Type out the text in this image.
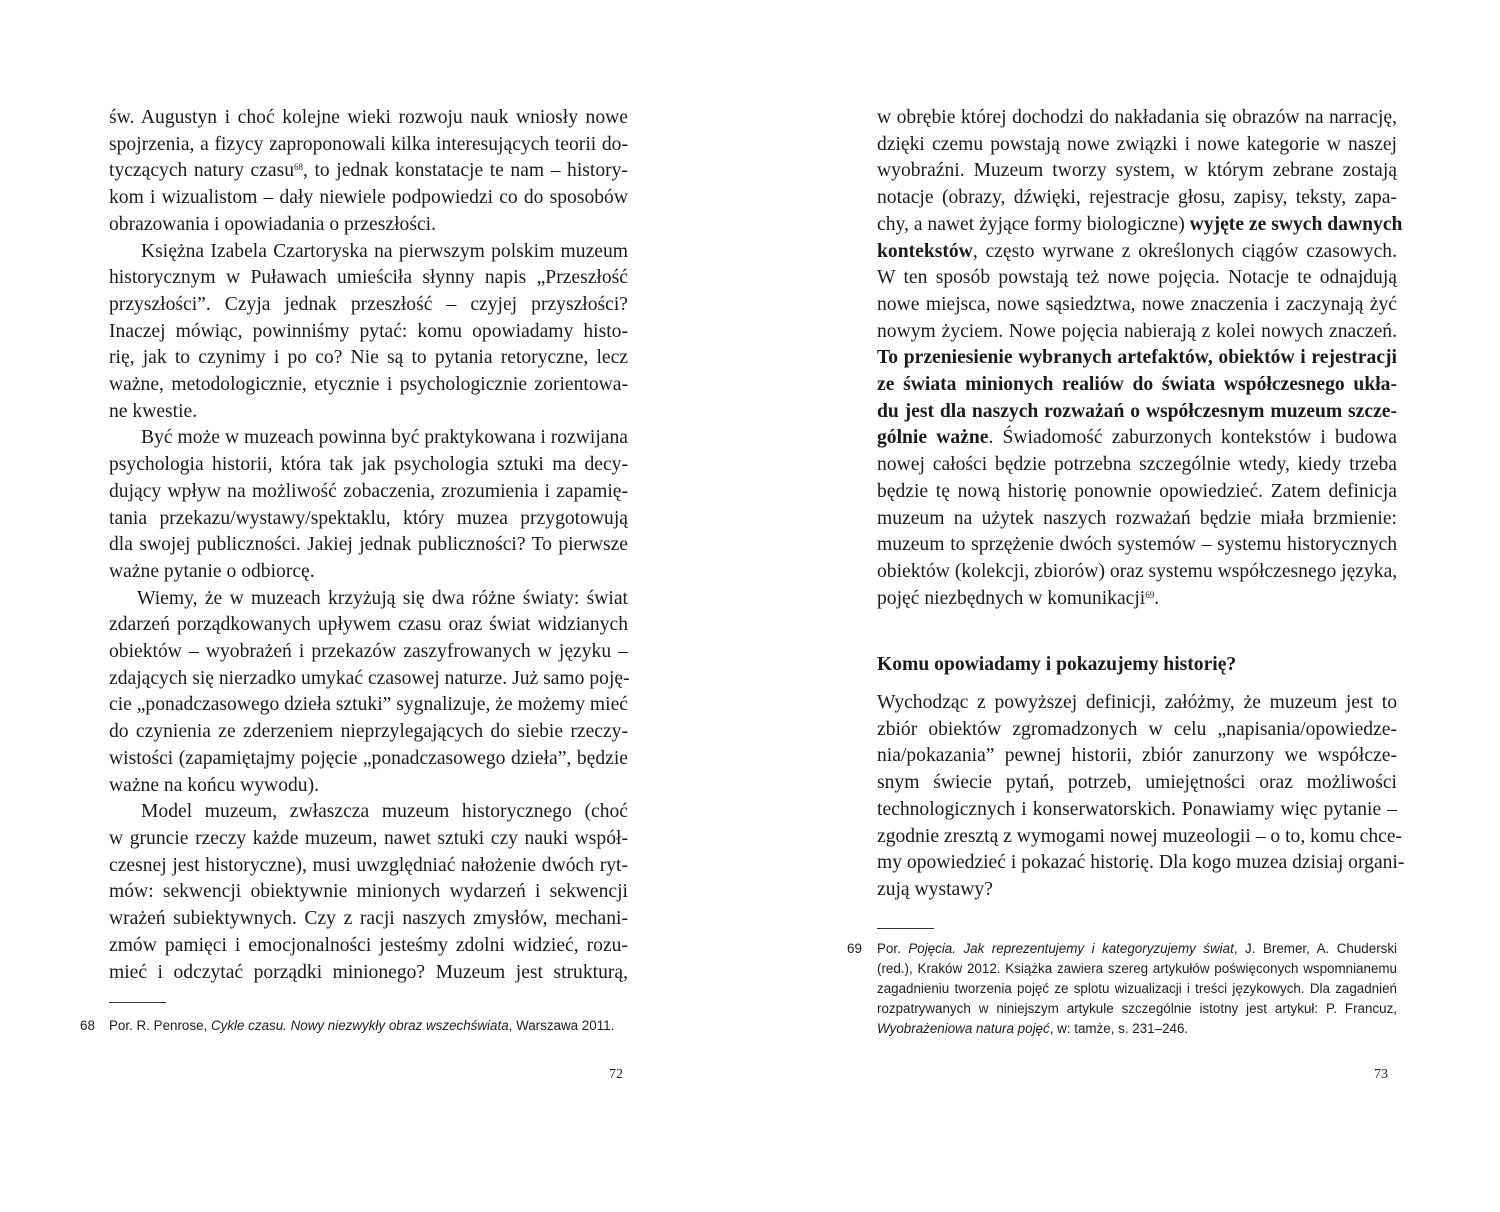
św. Augustyn i choć kolejne wieki rozwoju nauk wniosły nowe
spojrzenia, a fizycy zaproponowali kilka interesujących teorii do-
tyczących natury czasu$^{68}$, to jednak konstatacje te nam – history-
kom i wizualistom – dały niewiele podpowiedzi co do sposobów
obrazowania i opowiadania o przeszłości.
Księżna Izabela Czartoryska na pierwszym polskim muzeum
historycznym w Puławach umieściła słynny napis „Przeszłość
przyszłości”. Czyja jednak przeszłość – czyjej przyszłości?
Inaczej mówiąc, powinniśmy pytać: komu opowiadamy histo-
rię, jak to czynimy i po co? Nie są to pytania retoryczne, lecz
ważne, metodologicznie, etycznie i psychologicznie zorientowa-
ne kwestie.
Być może w muzeach powinna być praktykowana i rozwijana
psychologia historii, która tak jak psychologia sztuki ma decy-
dujący wpływ na możliwość zobaczenia, zrozumienia i zapamię-
tania przekazu/wystawy/spektaklu, który muzea przygotowują
dla swojej publiczności. Jakiej jednak publiczności? To pierwsze
ważne pytanie o odbiorcę.
Wiemy, że w muzeach krzyżują się dwa różne światy: świat
zdarzeń porządkowanych upływem czasu oraz świat widzianych
obiektów – wyobrażeń i przekazów zaszyfrowanych w języku –
zdających się nierzadko umykać czasowej naturze. Już samo poję-
cie „ponadczasowego dzieła sztuki” sygnalizuje, że możemy mieć
do czynienia ze zderzeniem nieprzylegających do siebie rzeczy-
wistości (zapamiętajmy pojęcie „ponadczasowego dzieła”, będzie
ważne na końcu wywodu).
Model muzeum, zwłaszcza muzeum historycznego (choć
w gruncie rzeczy każde muzeum, nawet sztuki czy nauki współ-
czesnej jest historyczne), musi uwzględniać nałożenie dwóch ryt-
mów: sekwencji obiektywnie minionych wydarzeń i sekwencji
wrażeń subiektywnych. Czy z racji naszych zmysłów, mechani-
zmów pamięci i emocjonalności jesteśmy zdolni widzieć, rozu-
mieć i odczytać porządki minionego? Muzeum jest strukturą,
68 Por. R. Penrose, Cykle czasu. Nowy niezwykły obraz wszechświata, Warszawa 2011.
72
w obrębie której dochodzi do nakładania się obrazów na narrację,
dzięki czemu powstają nowe związki i nowe kategorie w naszej
wyobraźni. Muzeum tworzy system, w którym zebrane zostają
notacje (obrazy, dźwięki, rejestracje głosu, zapisy, teksty, zapa-
chy, a nawet żyjące formy biologiczne) wyjęte ze swych dawnych
kontekstów, często wyrwane z określonych ciągów czasowych.
W ten sposób powstają też nowe pojęcia. Notacje te odnajdują
nowe miejsca, nowe sąsiedztwa, nowe znaczenia i zaczynają żyć
nowym życiem. Nowe pojęcia nabierają z kolei nowych znaczeń.
To przeniesienie wybranych artefaktów, obiektów i rejestracji
ze świata minionych realiów do świata współczesnego ukła-
du jest dla naszych rozważań o współczesnym muzeum szcze-
gólnie ważne. Świadomość zaburzonych kontekstów i budowa
nowej całości będzie potrzebna szczególnie wtedy, kiedy trzeba
będzie tę nową historię ponownie opowiedzieć. Zatem definicja
muzeum na użytek naszych rozważań będzie miała brzmienie:
muzeum to sprzężenie dwóch systemów – systemu historycznych
obiektów (kolekcji, zbiorów) oraz systemu współczesnego języka,
pojęć niezbędnych w komunikacji$^{69}$.
Komu opowiadamy i pokazujemy historię?
Wychodząc z powyższej definicji, załóżmy, że muzeum jest to
zbiór obiektów zgromadzonych w celu „napisania/opowiedze-
nia/pokazania” pewnej historii, zbiór zanurzony we współcze-
snym świecie pytań, potrzeb, umiejętności oraz możliwości
technologicznych i konserwatorskich. Ponawiamy więc pytanie –
zgodnie zresztą z wymogami nowej muzeologii – o to, komu chce-
my opowiedzieć i pokazać historię. Dla kogo muzea dzisiaj organi-
zują wystawy?
69 Por. Pojęcia. Jak reprezentujemy i kategoryzujemy świat, J. Bremer, A. Chuderski
(red.), Kraków 2012. Książka zawiera szereg artykułów poświęconych wspomnianemu
zagadnieniu tworzenia pojęć ze splotu wizualizacji i treści językowych. Dla zagadnień
rozpatrywanych w niniejszym artykule szczególnie istotny jest artykuł: P. Francuz,
Wyobrażeniowa natura pojęć, w: tamże, s. 231–246.
73
